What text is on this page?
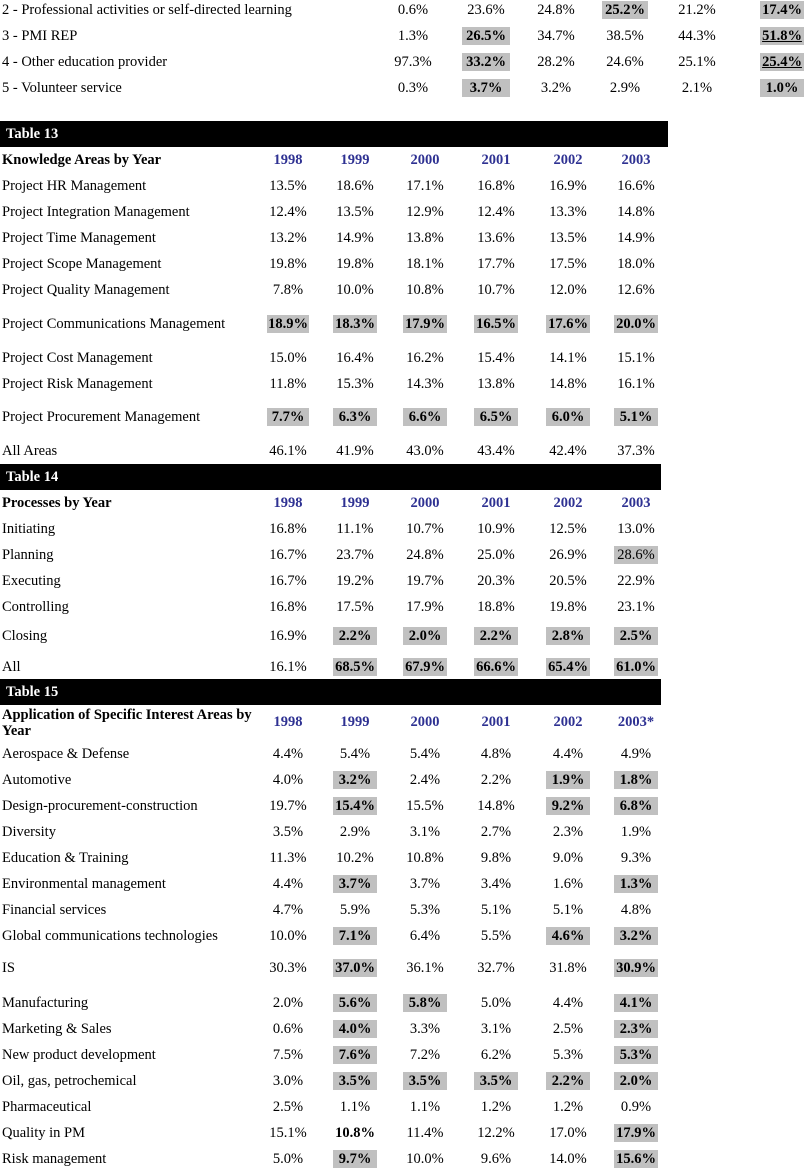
2 - Professional activities or self-directed learning	0.6%	23.6%	24.8%	25.2% 21.2%	17.4%
3 - PMI REP	1.3%	26.5%	34.7%	38.5% 44.3%	51.8%
4 - Other education provider	97.3% 33.2%	28.2%	24.6% 25.1%	25.4%
5 - Volunteer service	0.3%	3.7%	3.2%	2.9%	2.1%	1.0%
Table 13
Knowledge Areas by Year	1998	1999	2000	2001	2002	2003
Project HR Management	13.5% 18.6% 17.1% 16.8% 16.9% 16.6%
Project Integration Management	12.4% 13.5% 12.9% 12.4% 13.3% 14.8%
Project Time Management	13.2% 14.9% 13.8% 13.6% 13.5% 14.9%
Project Scope Management	19.8% 19.8% 18.1% 17.7% 17.5% 18.0%
Project Quality Management	7.8%	10.0% 10.8% 10.7% 12.0% 12.6%
Project Communications Management	18.9% 18.3% 17.9% 16.5% 17.6% 20.0%
Project Cost Management	15.0% 16.4% 16.2% 15.4% 14.1% 15.1%
Project Risk Management	11.8% 15.3% 14.3% 13.8% 14.8% 16.1%
Project Procurement Management	7.7%	6.3%	6.6%	6.5%	6.0%	5.1%
All Areas	46.1% 41.9% 43.0% 43.4% 42.4% 37.3%
Table 14
Processes by Year	1998	1999	2000	2001	2002	2003
Initiating	16.8% 11.1% 10.7% 10.9% 12.5% 13.0%
Planning	16.7% 23.7% 24.8% 25.0% 26.9% 28.6%
Executing	16.7% 19.2% 19.7% 20.3% 20.5% 22.9%
Controlling	16.8% 17.5% 17.9% 18.8% 19.8% 23.1%
Closing	16.9%	2.2%	2.0%	2.2%	2.8%	2.5%
All	16.1% 68.5% 67.9% 66.6% 65.4% 61.0%
Table 15
Application of Specific Interest Areas by Year
1998	1999	2000	2001	2002	2003*
Aerospace & Defense	4.4%	5.4%	5.4%	4.8%	4.4%	4.9%
Automotive	4.0%	3.2%	2.4%	2.2%	1.9%	1.8%
Design-procurement-construction	19.7% 15.4% 15.5% 14.8%	9.2%	6.8%
Diversity	3.5%	2.9%	3.1%	2.7%	2.3%	1.9%
Education & Training	11.3% 10.2% 10.8%	9.8%	9.0%	9.3%
Environmental management	4.4%	3.7%	3.7%	3.4%	1.6%	1.3%
Financial services	4.7%	5.9%	5.3%	5.1%	5.1%	4.8%
Global communications technologies	10.0%	7.1%	6.4%	5.5%	4.6%	3.2%
IS	30.3% 37.0% 36.1% 32.7% 31.8% 30.9%
Manufacturing	2.0%	5.6%	5.8%	5.0%	4.4%	4.1%
Marketing & Sales	0.6%	4.0%	3.3%	3.1%	2.5%	2.3%
New product development	7.5%	7.6%	7.2%	6.2%	5.3%	5.3%
Oil, gas, petrochemical	3.0%	3.5%	3.5%	3.5%	2.2%	2.0%
Pharmaceutical	2.5%	1.1%	1.1%	1.2%	1.2%	0.9%
Quality in PM	15.1% 10.8% 11.4% 12.2% 17.0% 17.9%
Risk management	5.0%	9.7%	10.0%	9.6%	14.0% 15.6%
